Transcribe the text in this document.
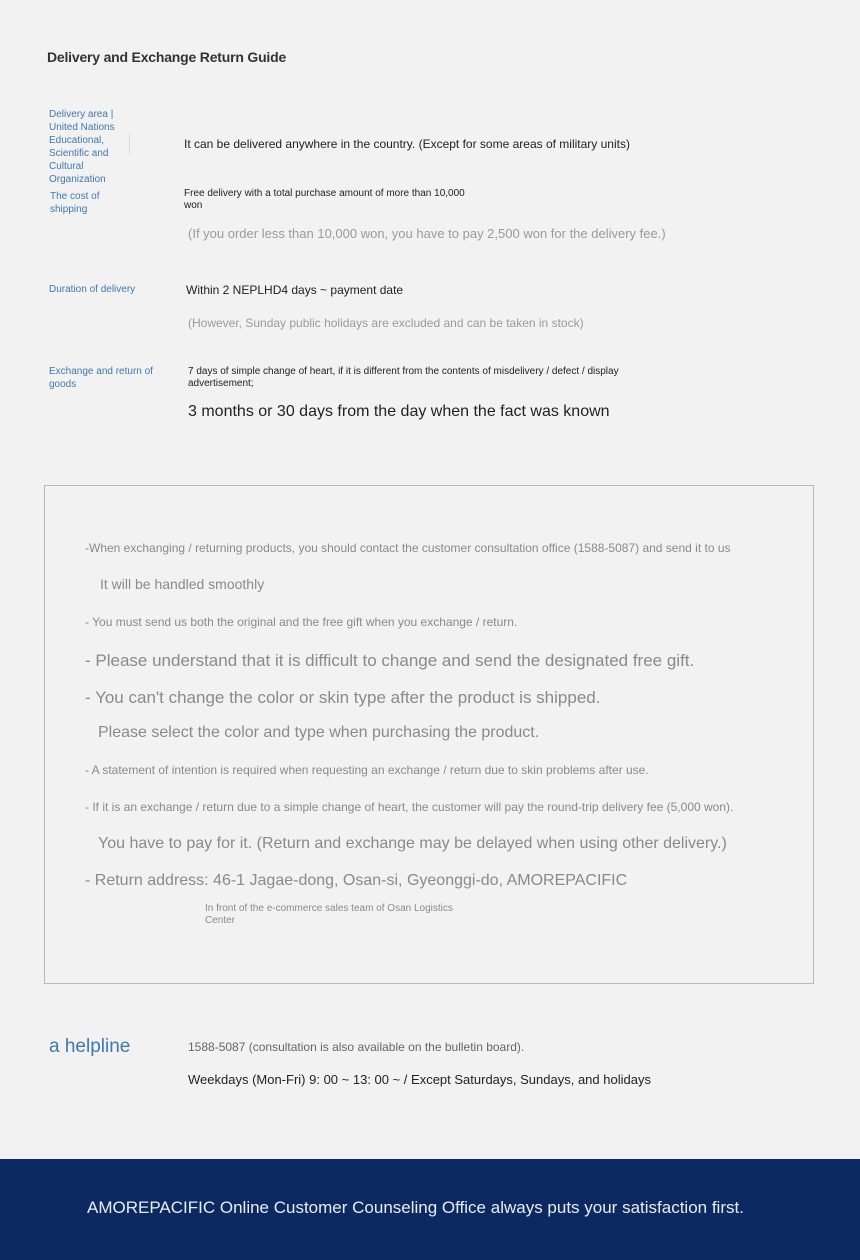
Delivery and Exchange Return Guide
Delivery area | United Nations Educational, Scientific and Cultural Organization
It can be delivered anywhere in the country. (Except for some areas of military units)
The cost of shipping
Free delivery with a total purchase amount of more than 10,000 won
(If you order less than 10,000 won, you have to pay 2,500 won for the delivery fee.)
Duration of delivery	Within 2 NEPLHD4 days ~ payment date
(However, Sunday public holidays are excluded and can be taken in stock)
Exchange and return of goods
7 days of simple change of heart, if it is different from the contents of misdelivery / defect / display advertisement;
3 months or 30 days from the day when the fact was known
-When exchanging / returning products, you should contact the customer consultation office (1588-5087) and send it to us
It will be handled smoothly
- You must send us both the original and the free gift when you exchange / return.
- Please understand that it is difficult to change and send the designated free gift.
- You can't change the color or skin type after the product is shipped.
Please select the color and type when purchasing the product.
- A statement of intention is required when requesting an exchange / return due to skin problems after use.
- If it is an exchange / return due to a simple change of heart, the customer will pay the round-trip delivery fee (5,000 won).
You have to pay for it. (Return and exchange may be delayed when using other delivery.)
- Return address: 46-1 Jagae-dong, Osan-si, Gyeonggi-do, AMOREPACIFIC
In front of the e-commerce sales team of Osan Logistics Center
a helpline	1588-5087 (consultation is also available on the bulletin board).
Weekdays (Mon-Fri) 9: 00 ~ 13: 00 ~ / Except Saturdays, Sundays, and holidays
AMOREPACIFIC Online Customer Counseling Office always puts your satisfaction first.
